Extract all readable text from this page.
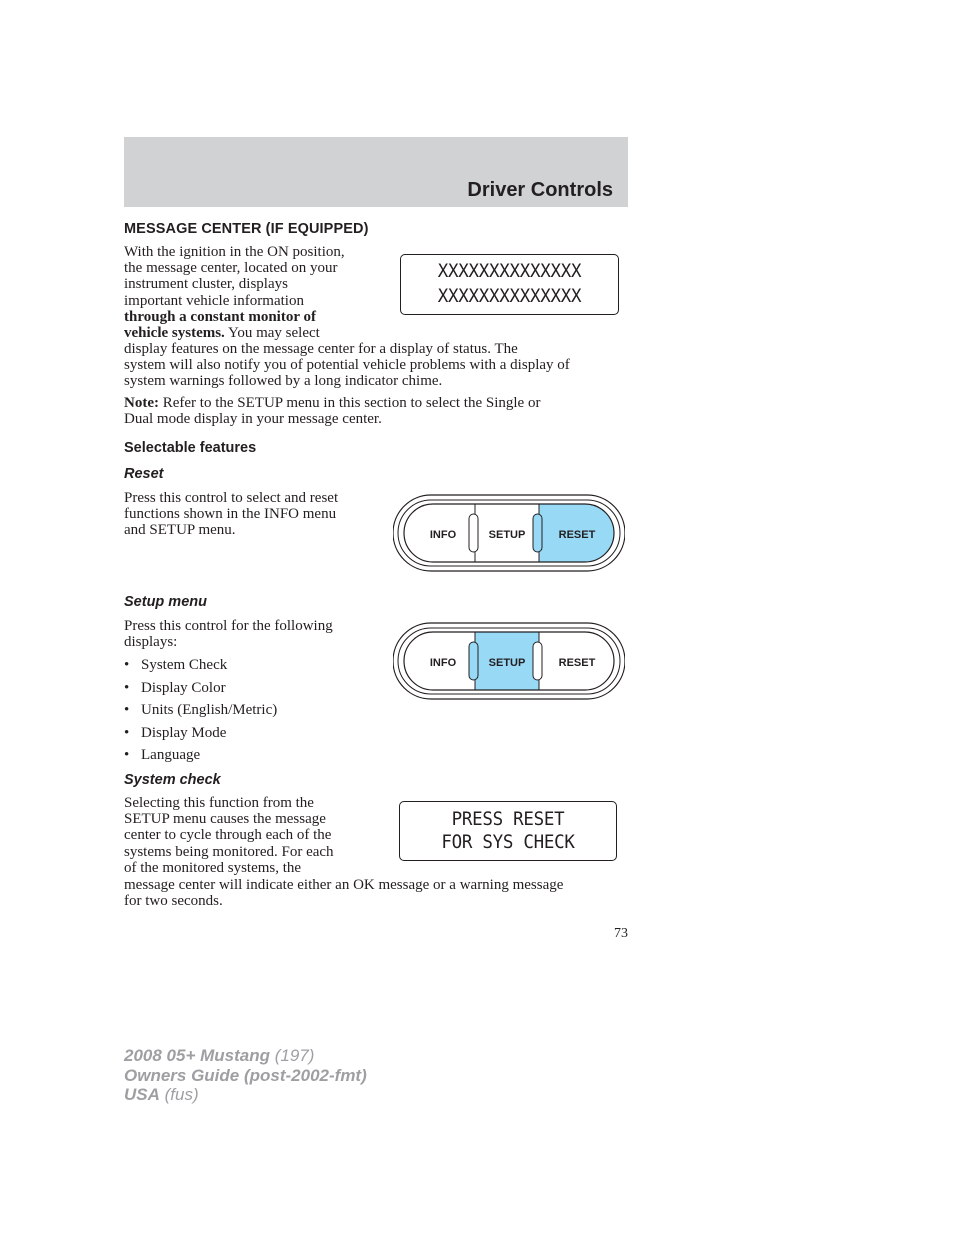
Driver Controls
MESSAGE CENTER (IF EQUIPPED)
With the ignition in the ON position,
the message center, located on your
instrument cluster, displays
important vehicle information
through a constant monitor of
vehicle systems. You may select
display features on the message center for a display of status. The
system will also notify you of potential vehicle problems with a display of
system warnings followed by a long indicator chime.
XXXXXXXXXXXXXX
XXXXXXXXXXXXXX
Note: Refer to the SETUP menu in this section to select the Single or
Dual mode display in your message center.
Selectable features
Reset
Press this control to select and reset
functions shown in the INFO menu
and SETUP menu.	INFO	SETUP	RESET
Setup menu
Press this control for the following
displays:
• System Check
• Display Color
• Units (English/Metric)
• Display Mode
• Language
INFO	SETUP	RESET
System check
Selecting this function from the
SETUP menu causes the message
center to cycle through each of the
systems being monitored. For each
of the monitored systems, the
message center will indicate either an OK message or a warning message
for two seconds.
PRESS RESET
FOR SYS CHECK
73
2008 05+ Mustang (197)
Owners Guide (post-2002-fmt)
USA (fus)
